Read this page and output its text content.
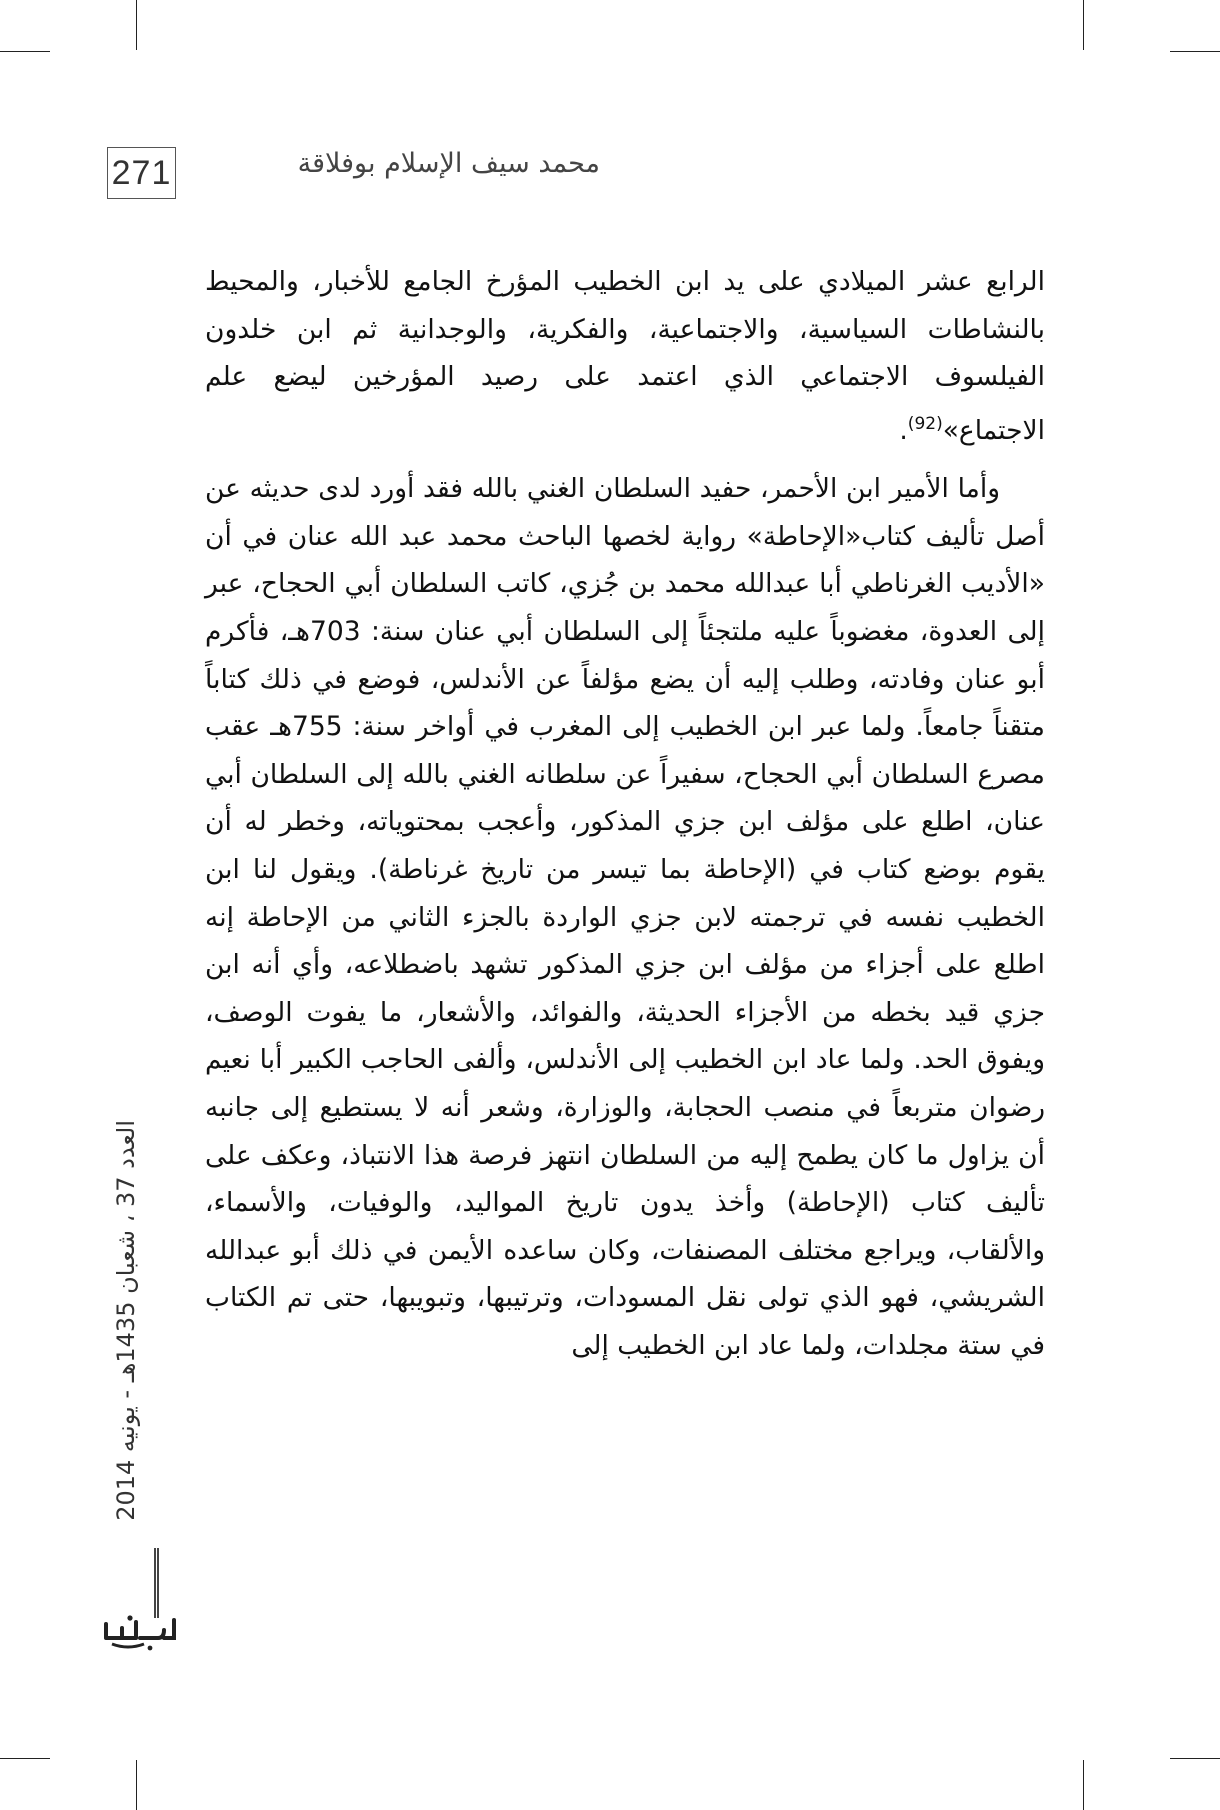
271	محمد سيف الإسلام بوفلاقة

الرابع عشر الميلادي على يد ابن الخطيب المؤرخ الجامع للأخبار، والمحيط بالنشاطات السياسية، والاجتماعية، والفكرية، والوجدانية ثم ابن خلدون الفيلسوف الاجتماعي الذي اعتمد على رصيد المؤرخين ليضع علم الاجتماع»$^{(92)}$.

وأما الأمير ابن الأحمر، حفيد السلطان الغني بالله فقد أورد لدى حديثه عن أصل تأليف كتاب«الإحاطة» رواية لخصها الباحث محمد عبد الله عنان في أن «الأديب الغرناطي أبا عبدالله محمد بن جُزي، كاتب السلطان أبي الحجاح، عبر إلى العدوة، مغضوباً عليه ملتجئاً إلى السلطان أبي عنان سنة: 703هـ، فأكرم أبو عنان وفادته، وطلب إليه أن يضع مؤلفاً عن الأندلس، فوضع في ذلك كتاباً متقناً جامعاً. ولما عبر ابن الخطيب إلى المغرب في أواخر سنة: 755هـ عقب مصرع السلطان أبي الحجاح، سفيراً عن سلطانه الغني بالله إلى السلطان أبي عنان، اطلع على مؤلف ابن جزي المذكور، وأعجب بمحتوياته، وخطر له أن يقوم بوضع كتاب في (الإحاطة بما تيسر من تاريخ غرناطة). ويقول لنا ابن الخطيب نفسه في ترجمته لابن جزي الواردة بالجزء الثاني من الإحاطة إنه اطلع على أجزاء من مؤلف ابن جزي المذكور تشهد باضطلاعه، وأي أنه ابن جزي قيد بخطه من الأجزاء الحديثة، والفوائد، والأشعار، ما يفوت الوصف، ويفوق الحد. ولما عاد ابن الخطيب إلى الأندلس، وألفى الحاجب الكبير أبا نعيم رضوان متربعاً في منصب الحجابة، والوزارة، وشعر أنه لا يستطيع إلى جانبه أن يزاول ما كان يطمح إليه من السلطان انتهز فرصة هذا الانتباذ، وعكف على تأليف كتاب (الإحاطة) وأخذ يدون تاريخ المواليد، والوفيات، والأسماء، والألقاب، ويراجع مختلف المصنفات، وكان ساعده الأيمن في ذلك أبو عبدالله الشريشي، فهو الذي تولى نقل المسودات، وترتيبها، وتبويبها، حتى تم الكتاب في ستة مجلدات، ولما عاد ابن الخطيب إلى

العدد 37 ، شعبان 1435هـ - يونيه 2014
